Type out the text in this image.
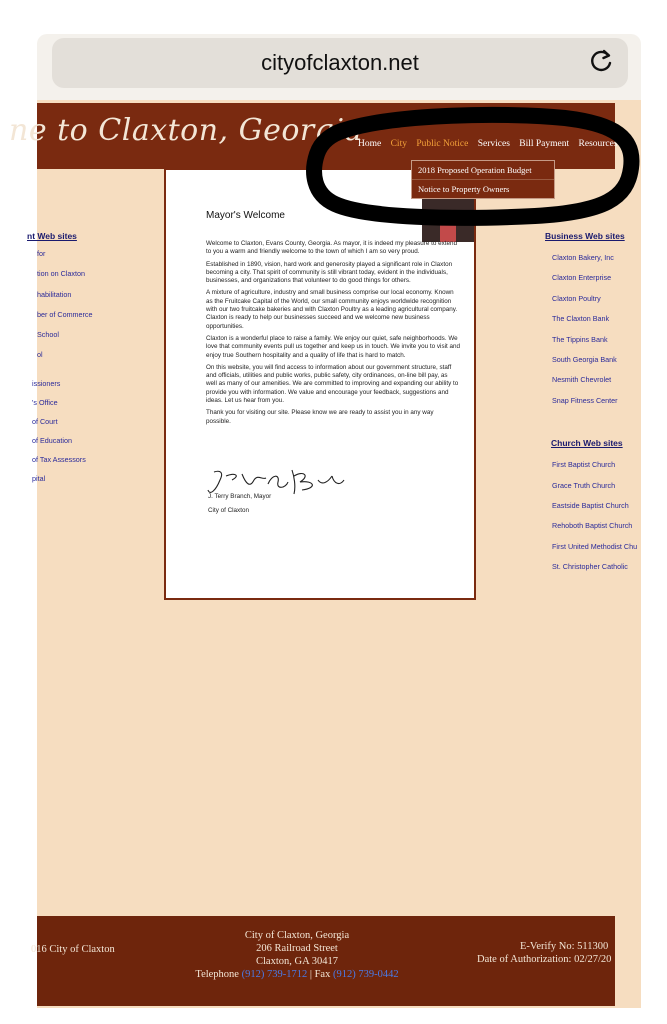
cityofclaxton.net
ne to Claxton, Georgia
Home City Public Notice Services Bill Payment Resources C
Mayor's Welcome

Welcome to Claxton, Evans County, Georgia. As mayor, it is indeed my pleasure to extend to you a warm and friendly welcome to the town of which I am so very proud.

Established in 1890, vision, hard work and generosity played a significant role in Claxton becoming a city. That spirit of community is still vibrant today, evident in the individuals, businesses, and organizations that volunteer to do good things for others.

A mixture of agriculture, industry and small business comprise our local economy. Known as the Fruitcake Capital of the World, our small community enjoys worldwide recognition with our two fruitcake bakeries and with Claxton Poultry as a leading agricultural company. Claxton is ready to help our businesses succeed and we welcome new business opportunities.

Claxton is a wonderful place to raise a family. We enjoy our quiet, safe neighborhoods. We love that community events pull us together and keep us in touch. We invite you to visit and enjoy true Southern hospitality and a quality of life that is hard to match.

On this website, you will find access to information about our government structure, staff and officials, utilities and public works, public safety, city ordinances, on-line bill pay, as well as many of our amenities. We are committed to improving and expanding our ability to provide you with information. We value and encourage your feedback, suggestions and ideas. Let us hear from you.

Thank you for visiting our site. Please know we are ready to assist you in any way possible.

J. Terry Branch, Mayor
City of Claxton
nt Web sites
for
tion on Claxton
habilitation
ber of Commerce
School
ol
issioners
's Office
of Court
of Education
of Tax Assessors
pital
Business Web sites
Claxton Bakery, Inc
Claxton Enterprise
Claxton Poultry
The Claxton Bank
The Tippins Bank
South Georgia Bank
Nesmith Chevrolet
Snap Fitness Center
Church Web sites
First Baptist Church
Grace Truth Church
Eastside Baptist Church
Rehoboth Baptist Church
First United Methodist Chu
St. Christopher Catholic
2018 Proposed Operation Budget
Notice to Property Owners
016 City of Claxton
City of Claxton, Georgia
206 Railroad Street
Claxton, GA 30417
Telephone (912) 739-1712 | Fax (912) 739-0442
E-Verify No: 511300
Date of Authorization: 02/27/20
